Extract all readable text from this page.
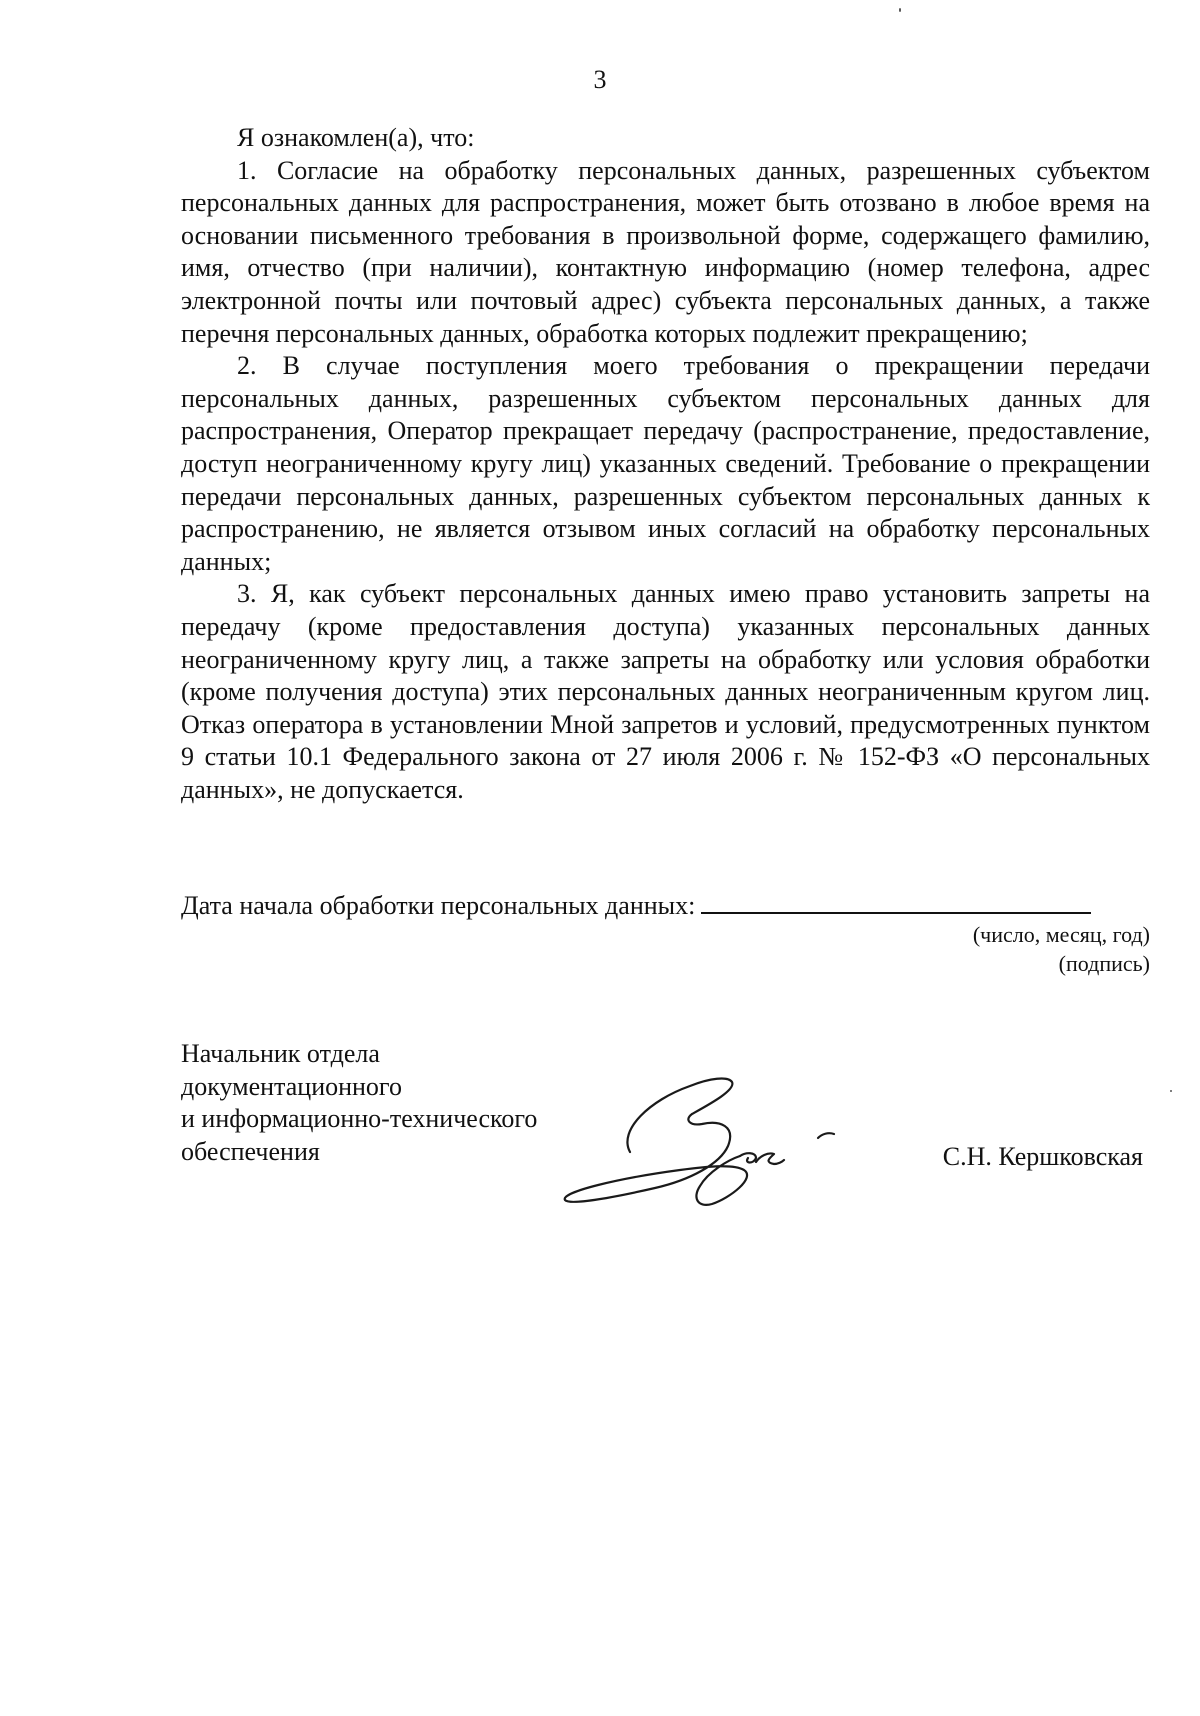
3

Я ознакомлен(а), что:

1. Согласие на обработку персональных данных, разрешенных субъектом персональных данных для распространения, может быть отозвано в любое время на основании письменного требования в произвольной форме, содержащего фамилию, имя, отчество (при наличии), контактную информацию (номер телефона, адрес электронной почты или почтовый адрес) субъекта персональных данных, а также перечня персональных данных, обработка которых подлежит прекращению;

2. В случае поступления моего требования о прекращении передачи персональных данных, разрешенных субъектом персональных данных для распространения, Оператор прекращает передачу (распространение, предоставление, доступ неограниченному кругу лиц) указанных сведений. Требование о прекращении передачи персональных данных, разрешенных субъектом персональных данных к распространению, не является отзывом иных согласий на обработку персональных данных;

3. Я, как субъект персональных данных имею право установить запреты на передачу (кроме предоставления доступа) указанных персональных данных неограниченному кругу лиц, а также запреты на обработку или условия обработки (кроме получения доступа) этих персональных данных неограниченным кругом лиц. Отказ оператора в установлении Мной запретов и условий, предусмотренных пунктом 9 статьи 10.1 Федерального закона от 27 июля 2006 г. № 152-ФЗ «О персональных данных», не допускается.

Дата начала обработки персональных данных:
(число, месяц, год)
(подпись)
Начальник отдела
документационного
и информационно-технического
обеспечения	С.Н. Кершковская
